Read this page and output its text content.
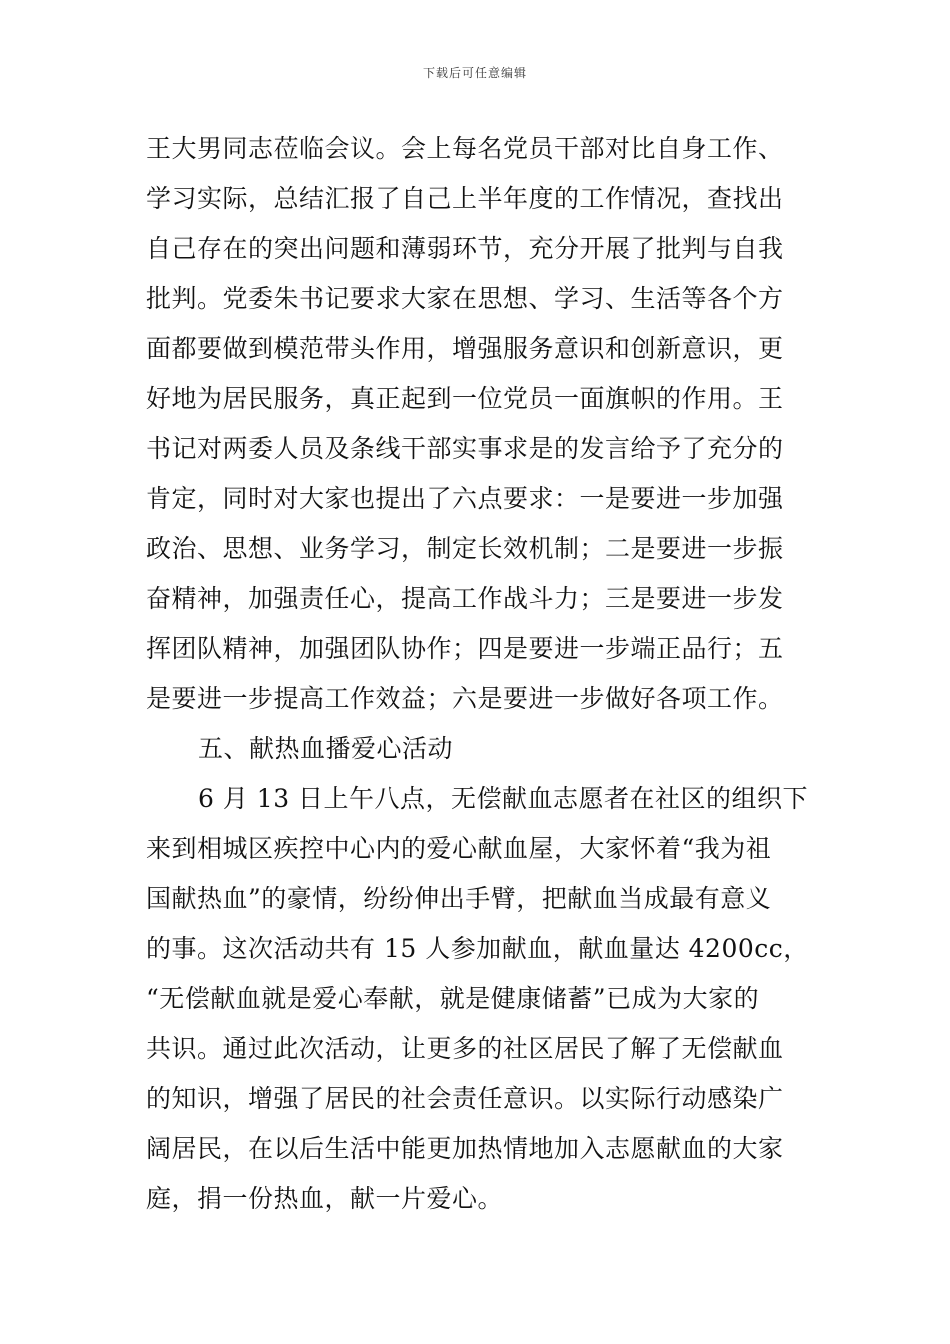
下载后可任意编辑
王大男同志莅临会议。会上每名党员干部对比自身工作、
学习实际，总结汇报了自己上半年度的工作情况，查找出
自己存在的突出问题和薄弱环节，充分开展了批判与自我
批判。党委朱书记要求大家在思想、学习、生活等各个方
面都要做到模范带头作用，增强服务意识和创新意识，更
好地为居民服务，真正起到一位党员一面旗帜的作用。王
书记对两委人员及条线干部实事求是的发言给予了充分的
肯定，同时对大家也提出了六点要求：一是要进一步加强
政治、思想、业务学习，制定长效机制；二是要进一步振
奋精神，加强责任心，提高工作战斗力；三是要进一步发
挥团队精神，加强团队协作；四是要进一步端正品行；五
是要进一步提高工作效益；六是要进一步做好各项工作。
五、献热血播爱心活动
6 月 13 日上午八点，无偿献血志愿者在社区的组织下
来到相城区疾控中心内的爱心献血屋，大家怀着“我为祖
国献热血”的豪情，纷纷伸出手臂，把献血当成最有意义
的事。这次活动共有 15 人参加献血，献血量达 4200cc，
“无偿献血就是爱心奉献，就是健康储蓄”已成为大家的
共识。通过此次活动，让更多的社区居民了解了无偿献血
的知识，增强了居民的社会责任意识。以实际行动感染广
阔居民，在以后生活中能更加热情地加入志愿献血的大家
庭，捐一份热血，献一片爱心。
